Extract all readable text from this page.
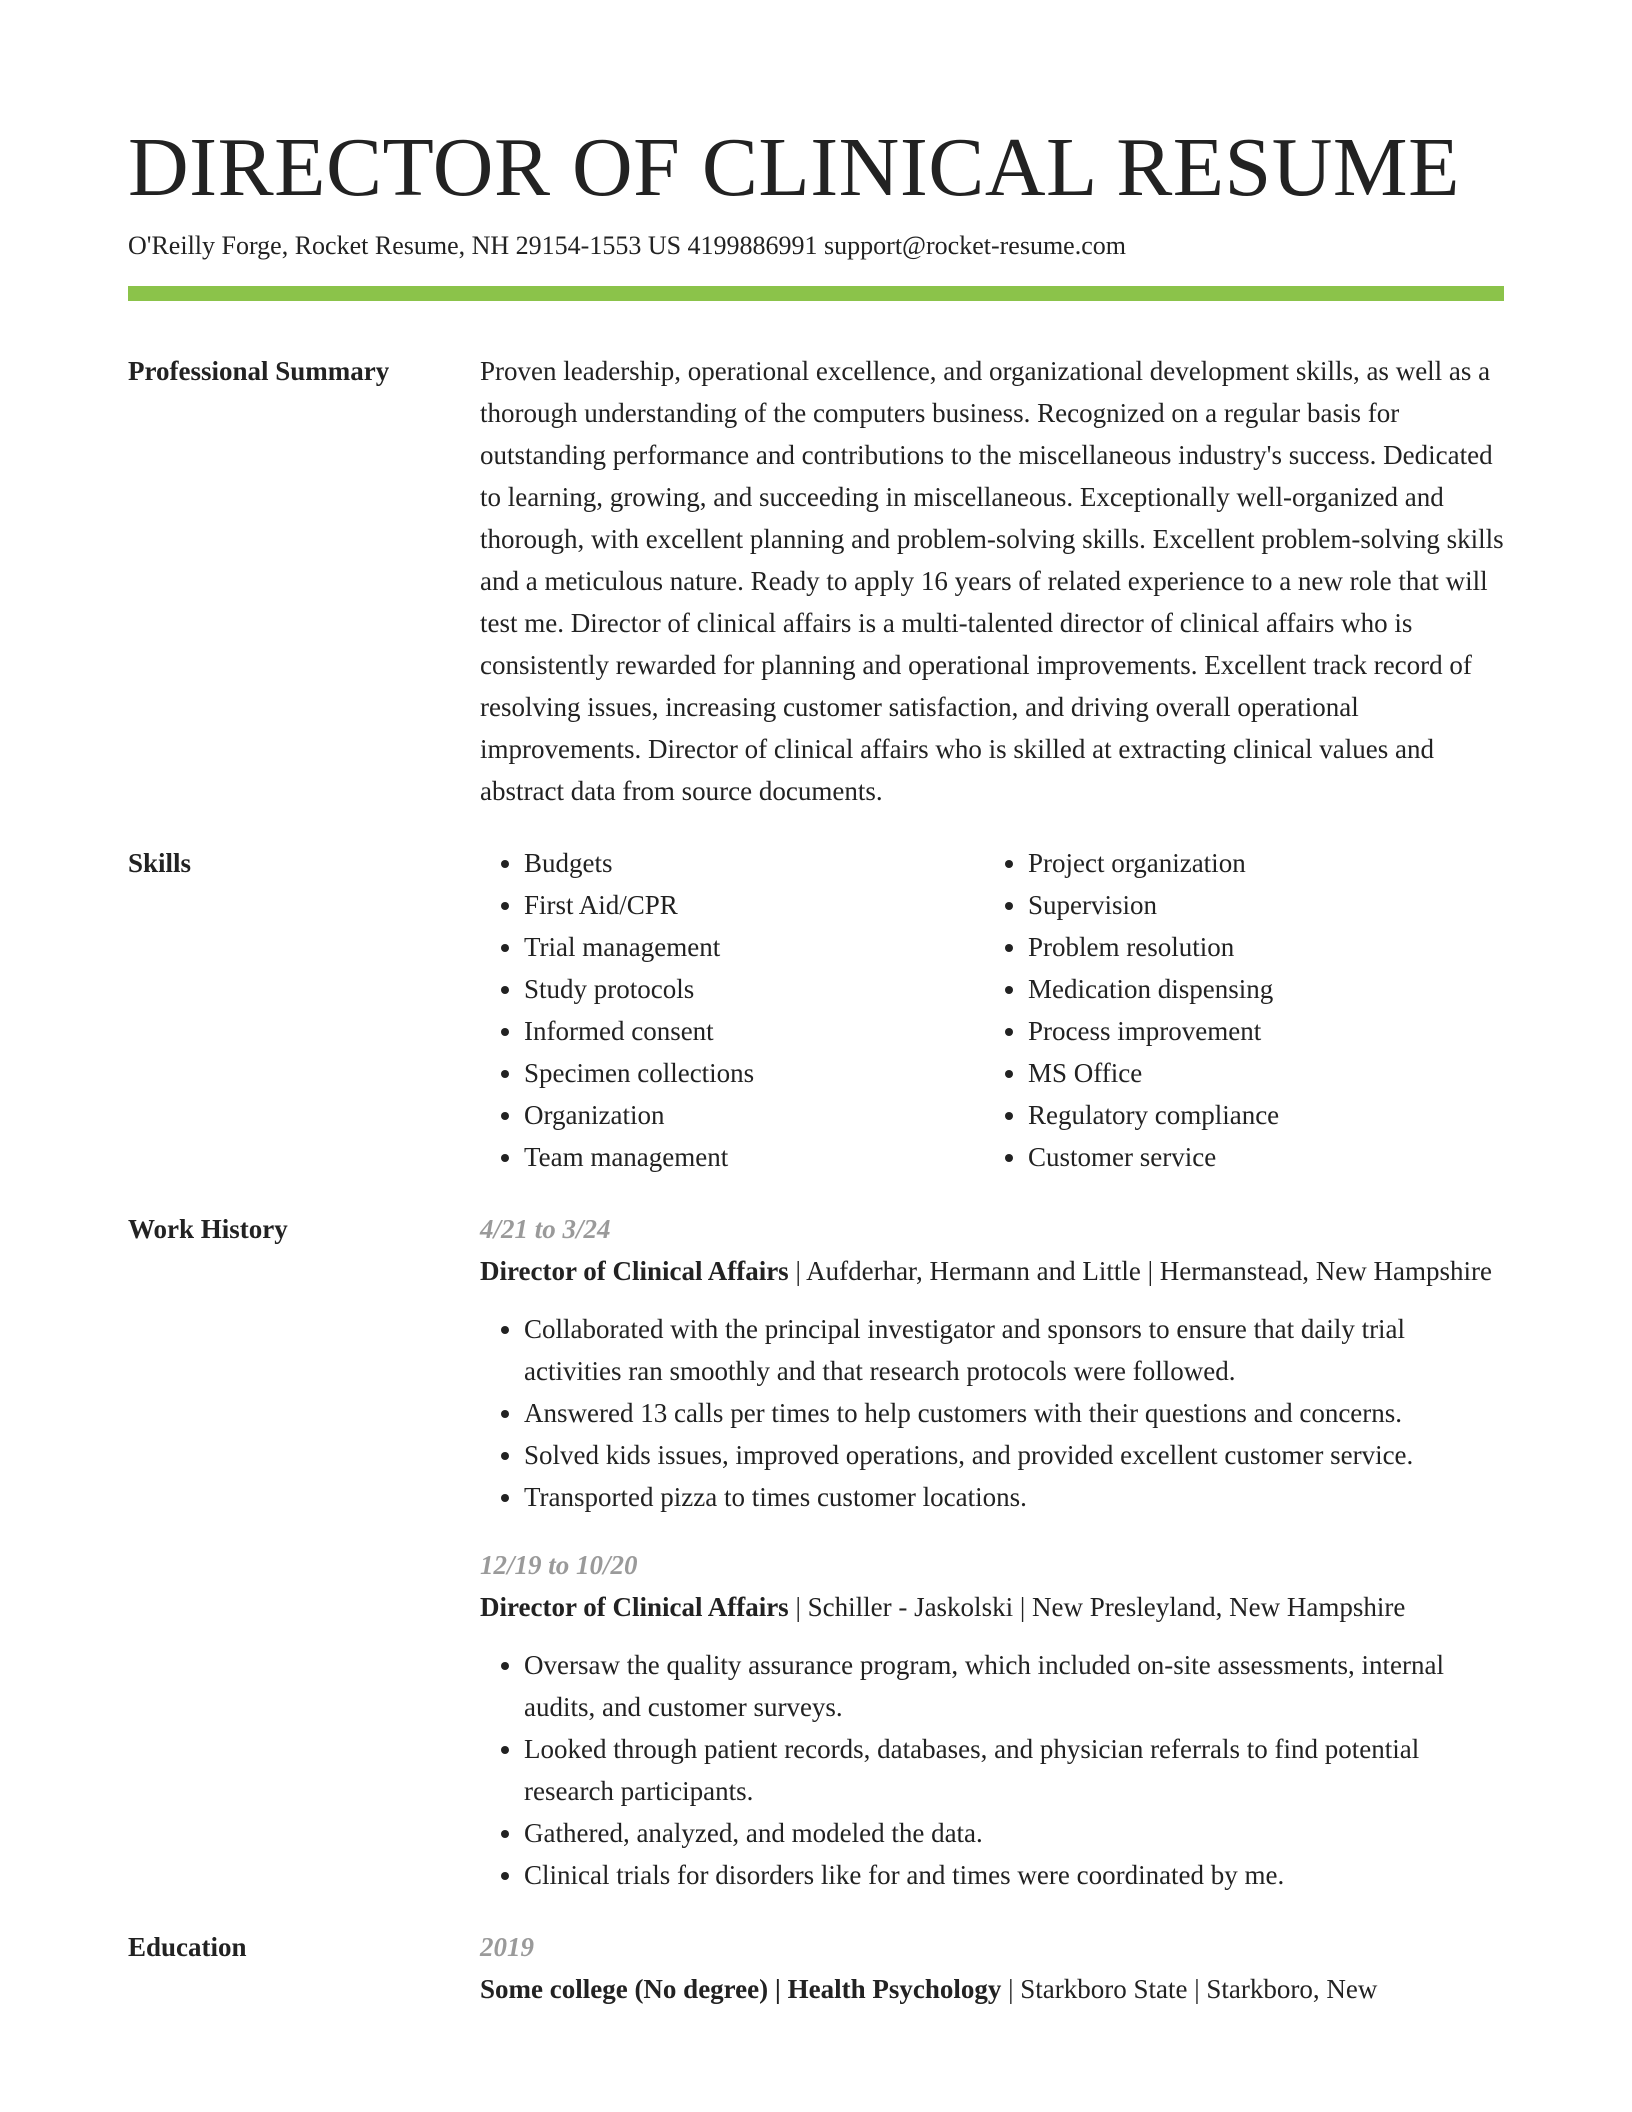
DIRECTOR OF CLINICAL RESUME
O'Reilly Forge, Rocket Resume, NH 29154-1553 US 4199886991 support@rocket-resume.com
Professional Summary	Proven leadership, operational excellence, and organizational development skills, as well as a thorough understanding of the computers business. Recognized on a regular basis for outstanding performance and contributions to the miscellaneous industry's success. Dedicated to learning, growing, and succeeding in miscellaneous. Exceptionally well-organized and thorough, with excellent planning and problem-solving skills. Excellent problem-solving skills and a meticulous nature. Ready to apply 16 years of related experience to a new role that will test me. Director of clinical affairs is a multi-talented director of clinical affairs who is consistently rewarded for planning and operational improvements. Excellent track record of resolving issues, increasing customer satisfaction, and driving overall operational improvements. Director of clinical affairs who is skilled at extracting clinical values and abstract data from source documents.

Skills
•	Budgets
• First Aid/CPR
• Trial management
• Study protocols
• Informed consent
• Specimen collections
• Organization
• Team management
• Project organization
• Supervision
• Problem resolution
• Medication dispensing
• Process improvement
• MS Office
• Regulatory compliance
• Customer service
Work History	4/21 to 3/24
Director of Clinical Affairs | Aufderhar, Hermann and Little | Hermanstead, New Hampshire
• Collaborated with the principal investigator and sponsors to ensure that daily trial activities ran smoothly and that research protocols were followed.
• Answered 13 calls per times to help customers with their questions and concerns.
• Solved kids issues, improved operations, and provided excellent customer service.
• Transported pizza to times customer locations.
12/19 to 10/20
Director of Clinical Affairs | Schiller - Jaskolski | New Presleyland, New Hampshire
• Oversaw the quality assurance program, which included on-site assessments, internal audits, and customer surveys.
• Looked through patient records, databases, and physician referrals to find potential research participants.
• Gathered, analyzed, and modeled the data.
• Clinical trials for disorders like for and times were coordinated by me.
Education	2019
Some college (No degree) | Health Psychology | Starkboro State | Starkboro, New
